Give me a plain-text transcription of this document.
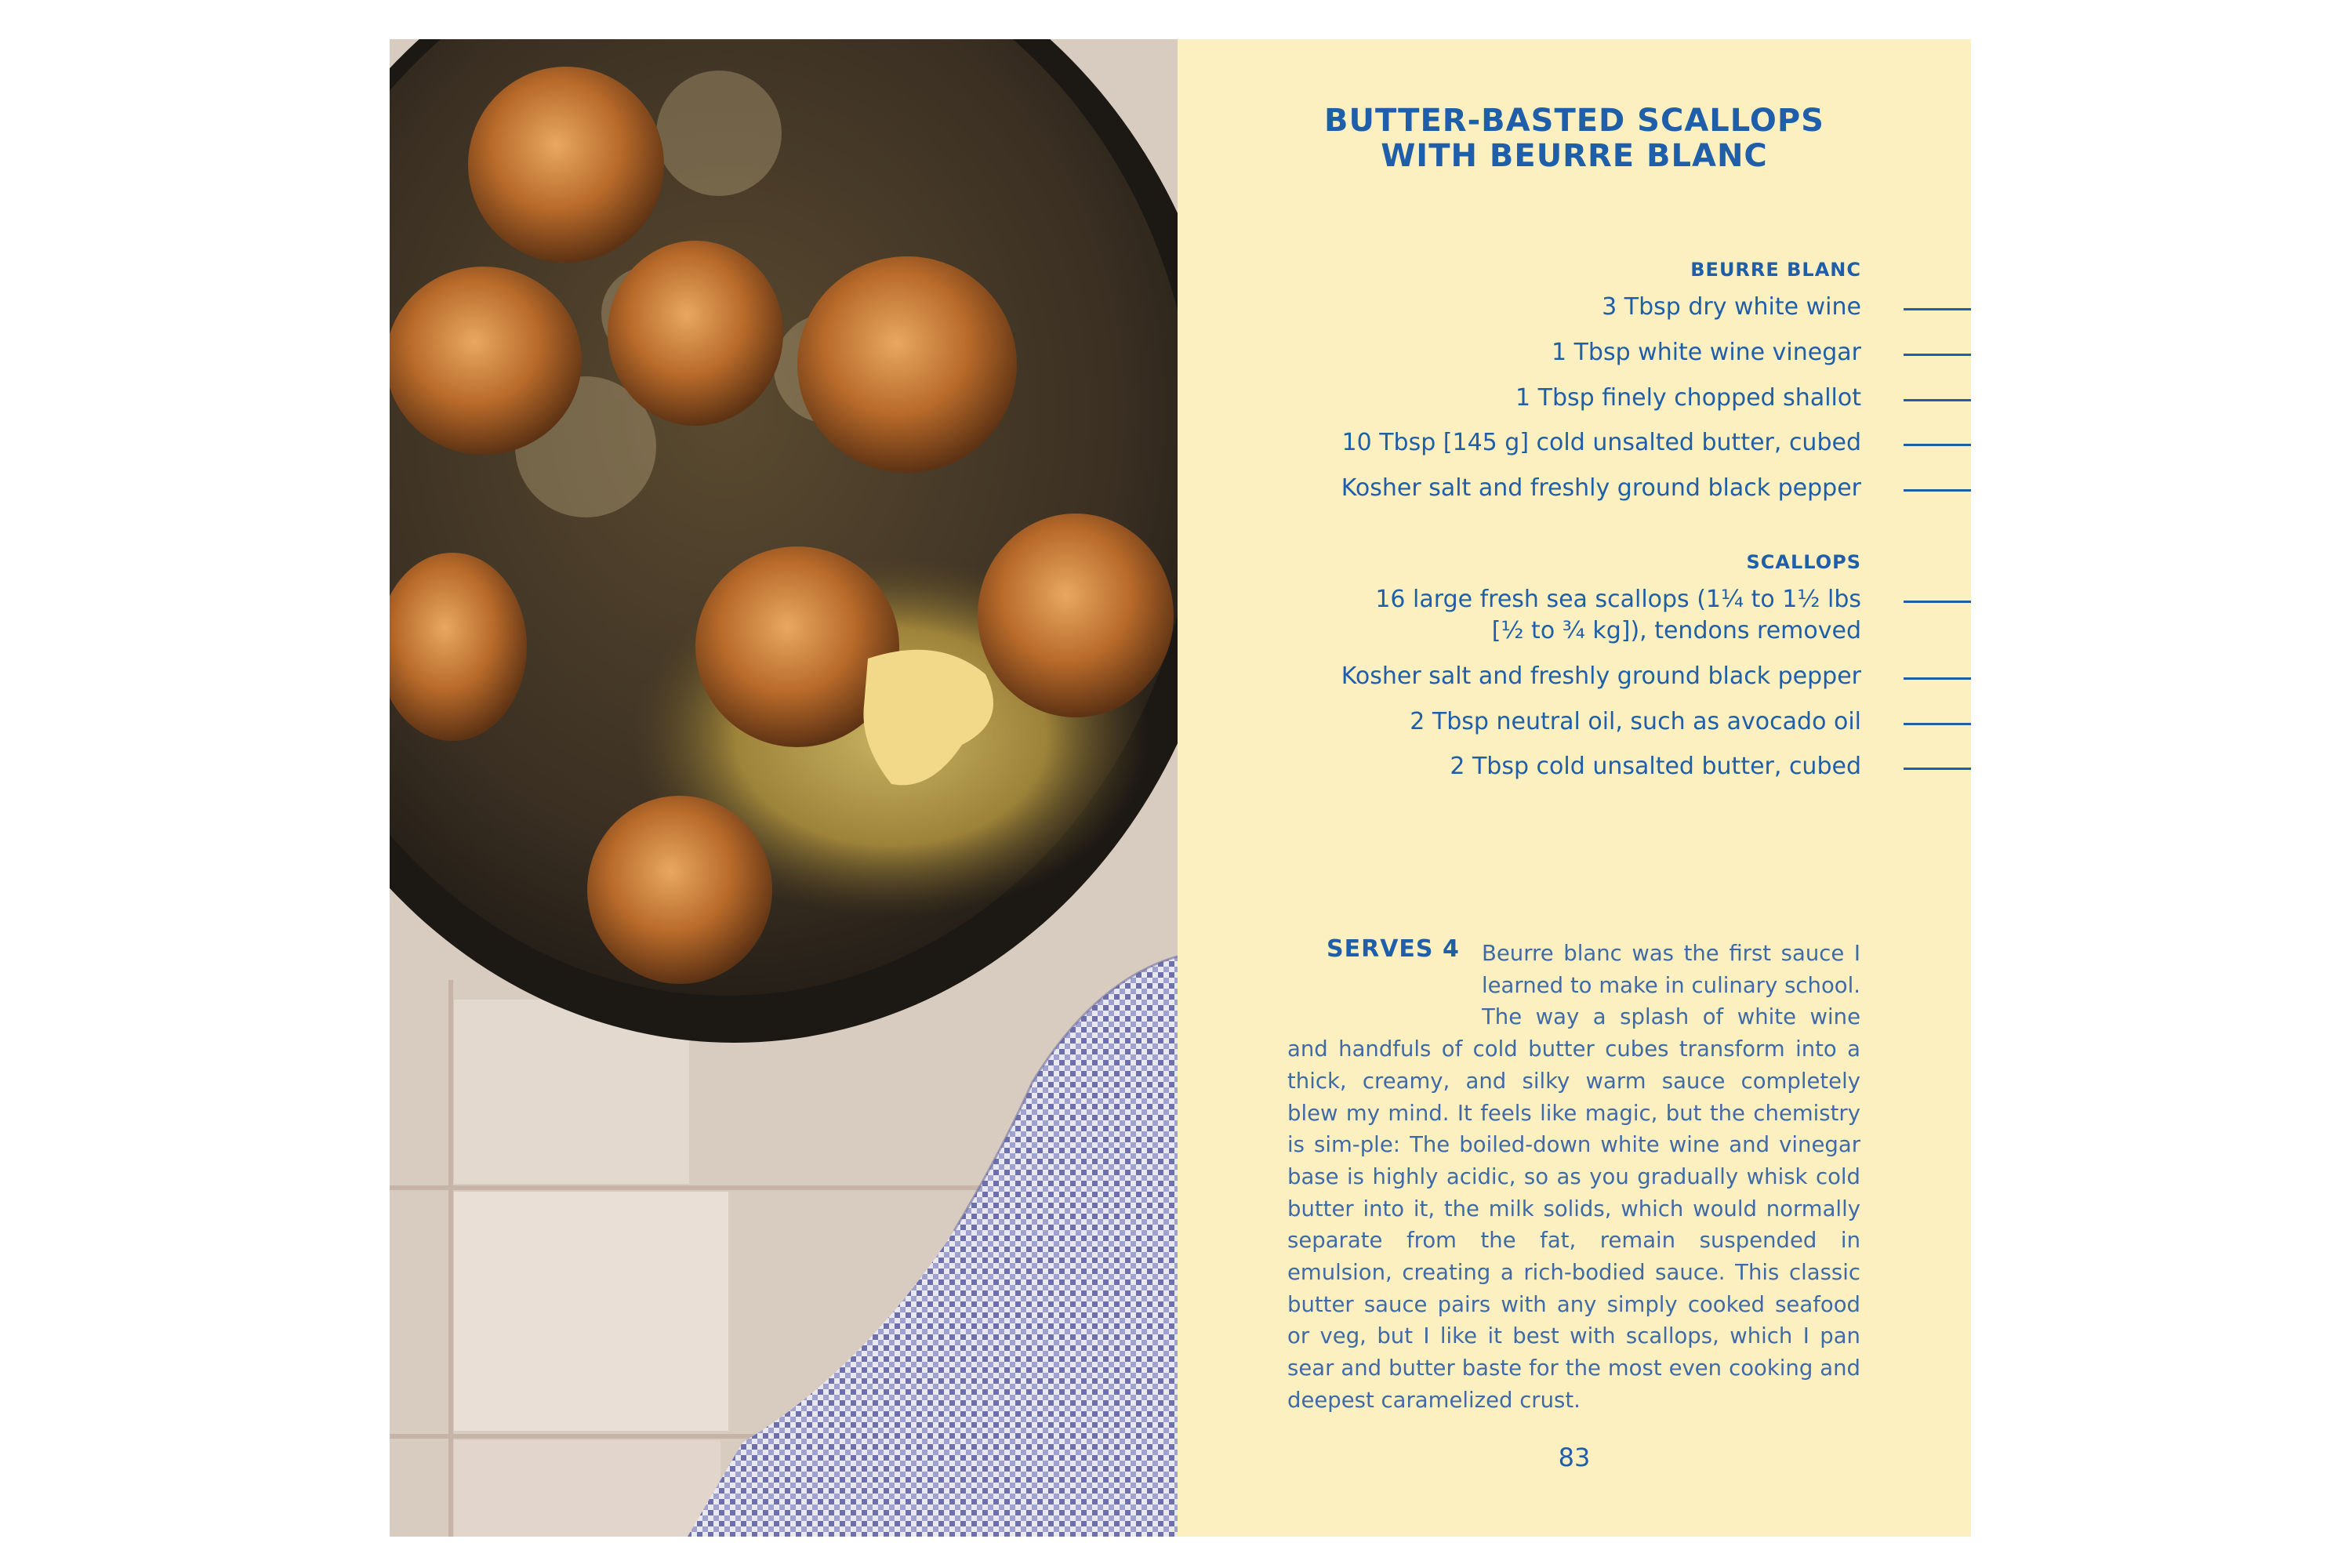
BUTTER-BASTED SCALLOPS
WITH BEURRE BLANC
BEURRE BLANC
3 Tbsp dry white wine
1 Tbsp white wine vinegar
1 Tbsp finely chopped shallot
10 Tbsp [145 g] cold unsalted butter, cubed
Kosher salt and freshly ground black pepper
SCALLOPS
16 large fresh sea scallops (1¼ to 1½ lbs
[½ to ¾ kg]), tendons removed
Kosher salt and freshly ground black pepper
2 Tbsp neutral oil, such as avocado oil
2 Tbsp cold unsalted butter, cubed
SERVES 4	Beurre blanc was the first sauce I learned to make in culinary school. The way a splash of white wine and handfuls of cold butter cubes transform into a thick, creamy, and silky warm sauce completely blew my mind. It feels like magic, but the chemistry is sim-ple: The boiled-down white wine and vinegar base is highly acidic, so as you gradually whisk cold butter into it, the milk solids, which would normally separate from the fat, remain suspended in emulsion, creating a rich-bodied sauce. This classic butter sauce pairs with any simply cooked seafood or veg, but I like it best with scallops, which I pan sear and butter baste for the most even cooking and deepest caramelized crust.
83
